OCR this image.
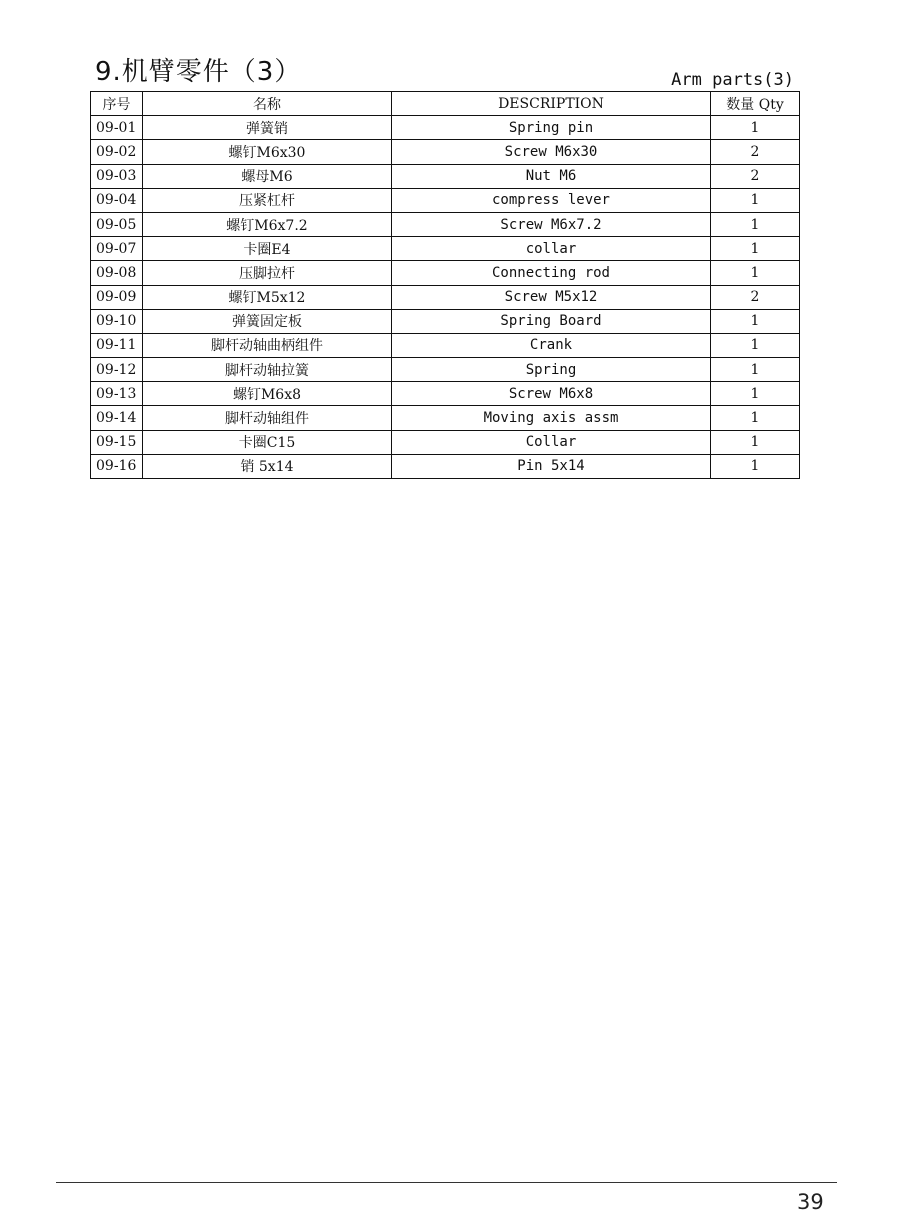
9.机臂零件（3）	Arm parts(3)
序号	名称	DESCRIPTION	数量 Qty
09-01	弹簧销	Spring pin	1
09-02	螺钉M6x30	Screw M6x30	2
09-03	螺母M6	Nut M6	2
09-04	压紧杠杆	compress lever	1
09-05	螺钉M6x7.2	Screw M6x7.2	1
09-07	卡圈E4	collar	1
09-08	压脚拉杆	Connecting rod	1
09-09	螺钉M5x12	Screw M5x12	2
09-10	弹簧固定板	Spring Board	1
09-11	脚杆动轴曲柄组件	Crank	1
09-12	脚杆动轴拉簧	Spring	1
09-13	螺钉M6x8	Screw M6x8	1
09-14	脚杆动轴组件	Moving axis assm	1
09-15	卡圈C15	Collar	1
09-16	销 5x14	Pin 5x14	1
39
